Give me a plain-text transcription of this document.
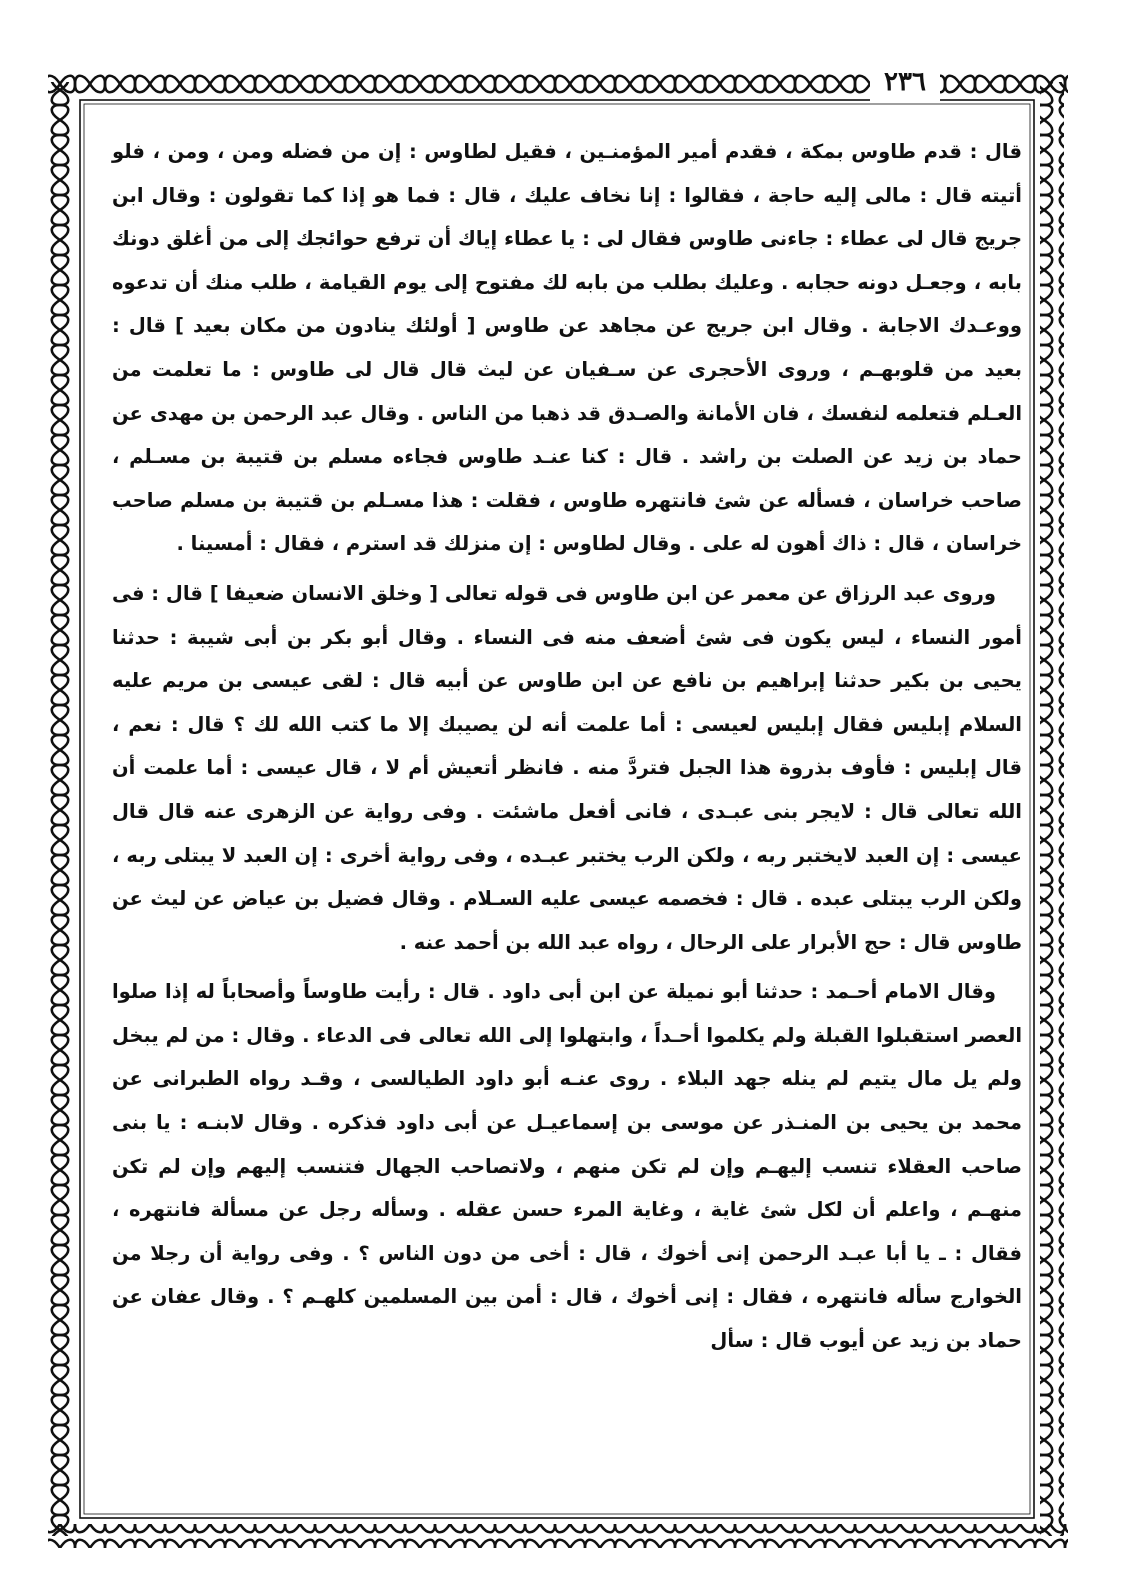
٢٣٦

قال : قدم طاوس بمكة ، فقدم أمير المؤمنـين ، فقيل لطاوس : إن من فضله ومن ، ومن ، فلو أتيته قال : مالى إليه حاجة ، فقالوا : إنا نخاف عليك ، قال : فما هو إذا كما تقولون : وقال ابن جريج قال لى عطاء : جاءنى طاوس فقال لى : يا عطاء إياك أن ترفع حوائجك إلى من أغلق دونك بابه ، وجعـل دونه حجابه . وعليك بطلب من بابه لك مفتوح إلى يوم القيامة ، طلب منك أن تدعوه ووعـدك الاجابة . وقال ابن جريج عن مجاهد عن طاوس [ أولئك ينادون من مكان بعيد ] قال : بعيد من قلوبهـم ، وروى الأحجرى عن سـفيان عن ليث قال قال لى طاوس : ما تعلمت من العـلم فتعلمه لنفسك ، فان الأمانة والصـدق قد ذهبا من الناس . وقال عبد الرحمن بن مهدى عن حماد بن زيد عن الصلت بن راشد . قال : كنا عنـد طاوس فجاءه مسلم بن قتيبة بن مسـلم ، صاحب خراسان ، فسأله عن شئ فانتهره طاوس ، فقلت : هذا مسـلم بن قتيبة بن مسلم صاحب خراسان ، قال : ذاك أهون له على . وقال لطاوس : إن منزلك قد استرم ، فقال : أمسينا .

وروى عبد الرزاق عن معمر عن ابن طاوس فى قوله تعالى [ وخلق الانسان ضعيفا ] قال : فى أمور النساء ، ليس يكون فى شئ أضعف منه فى النساء . وقال أبو بكر بن أبى شيبة : حدثنا يحيى بن بكير حدثنا إبراهيم بن نافع عن ابن طاوس عن أبيه قال : لقى عيسى بن مريم عليه السلام إبليس فقال إبليس لعيسى : أما علمت أنه لن يصيبك إلا ما كتب الله لك ؟ قال : نعم ، قال إبليس : فأوف بذروة هذا الجبل فتردَّ منه . فانظر أتعيش أم لا ، قال عيسى : أما علمت أن الله تعالى قال : لايجر بنى عبـدى ، فانى أفعل ماشئت . وفى رواية عن الزهرى عنه قال قال عيسى : إن العبد لايختبر ربه ، ولكن الرب يختبر عبـده ، وفى رواية أخرى : إن العبد لا يبتلى ربه ، ولكن الرب يبتلى عبده . قال : فخصمه عيسى عليه السـلام . وقال فضيل بن عياض عن ليث عن طاوس قال : حج الأبرار على الرحال ، رواه عبد الله بن أحمد عنه .

وقال الامام أحـمد : حدثنا أبو نميلة عن ابن أبى داود . قال : رأيت طاوساً وأصحاباً له إذا صلوا العصر استقبلوا القبلة ولم يكلموا أحـداً ، وابتهلوا إلى الله تعالى فى الدعاء . وقال : من لم يبخل ولم يل مال يتيم لم ينله جهد البلاء . روى عنـه أبو داود الطيالسى ، وقـد رواه الطبرانى عن محمد بن يحيى بن المنـذر عن موسى بن إسماعيـل عن أبى داود فذكره . وقال لابنـه : يا بنى صاحب العقلاء تنسب إليهـم وإن لم تكن منهم ، ولاتصاحب الجهال فتنسب إليهم وإن لم تكن منهـم ، واعلم أن لكل شئ غاية ، وغاية المرء حسن عقله . وسأله رجل عن مسألة فانتهره ، فقال : ـ يا أبا عبـد الرحمن إنى أخوك ، قال : أخى من دون الناس ؟ . وفى رواية أن رجلا من الخوارج سأله فانتهره ، فقال : إنى أخوك ، قال : أمن بين المسلمين كلهـم ؟ . وقال عفان عن حماد بن زيد عن أيوب قال : سأل
